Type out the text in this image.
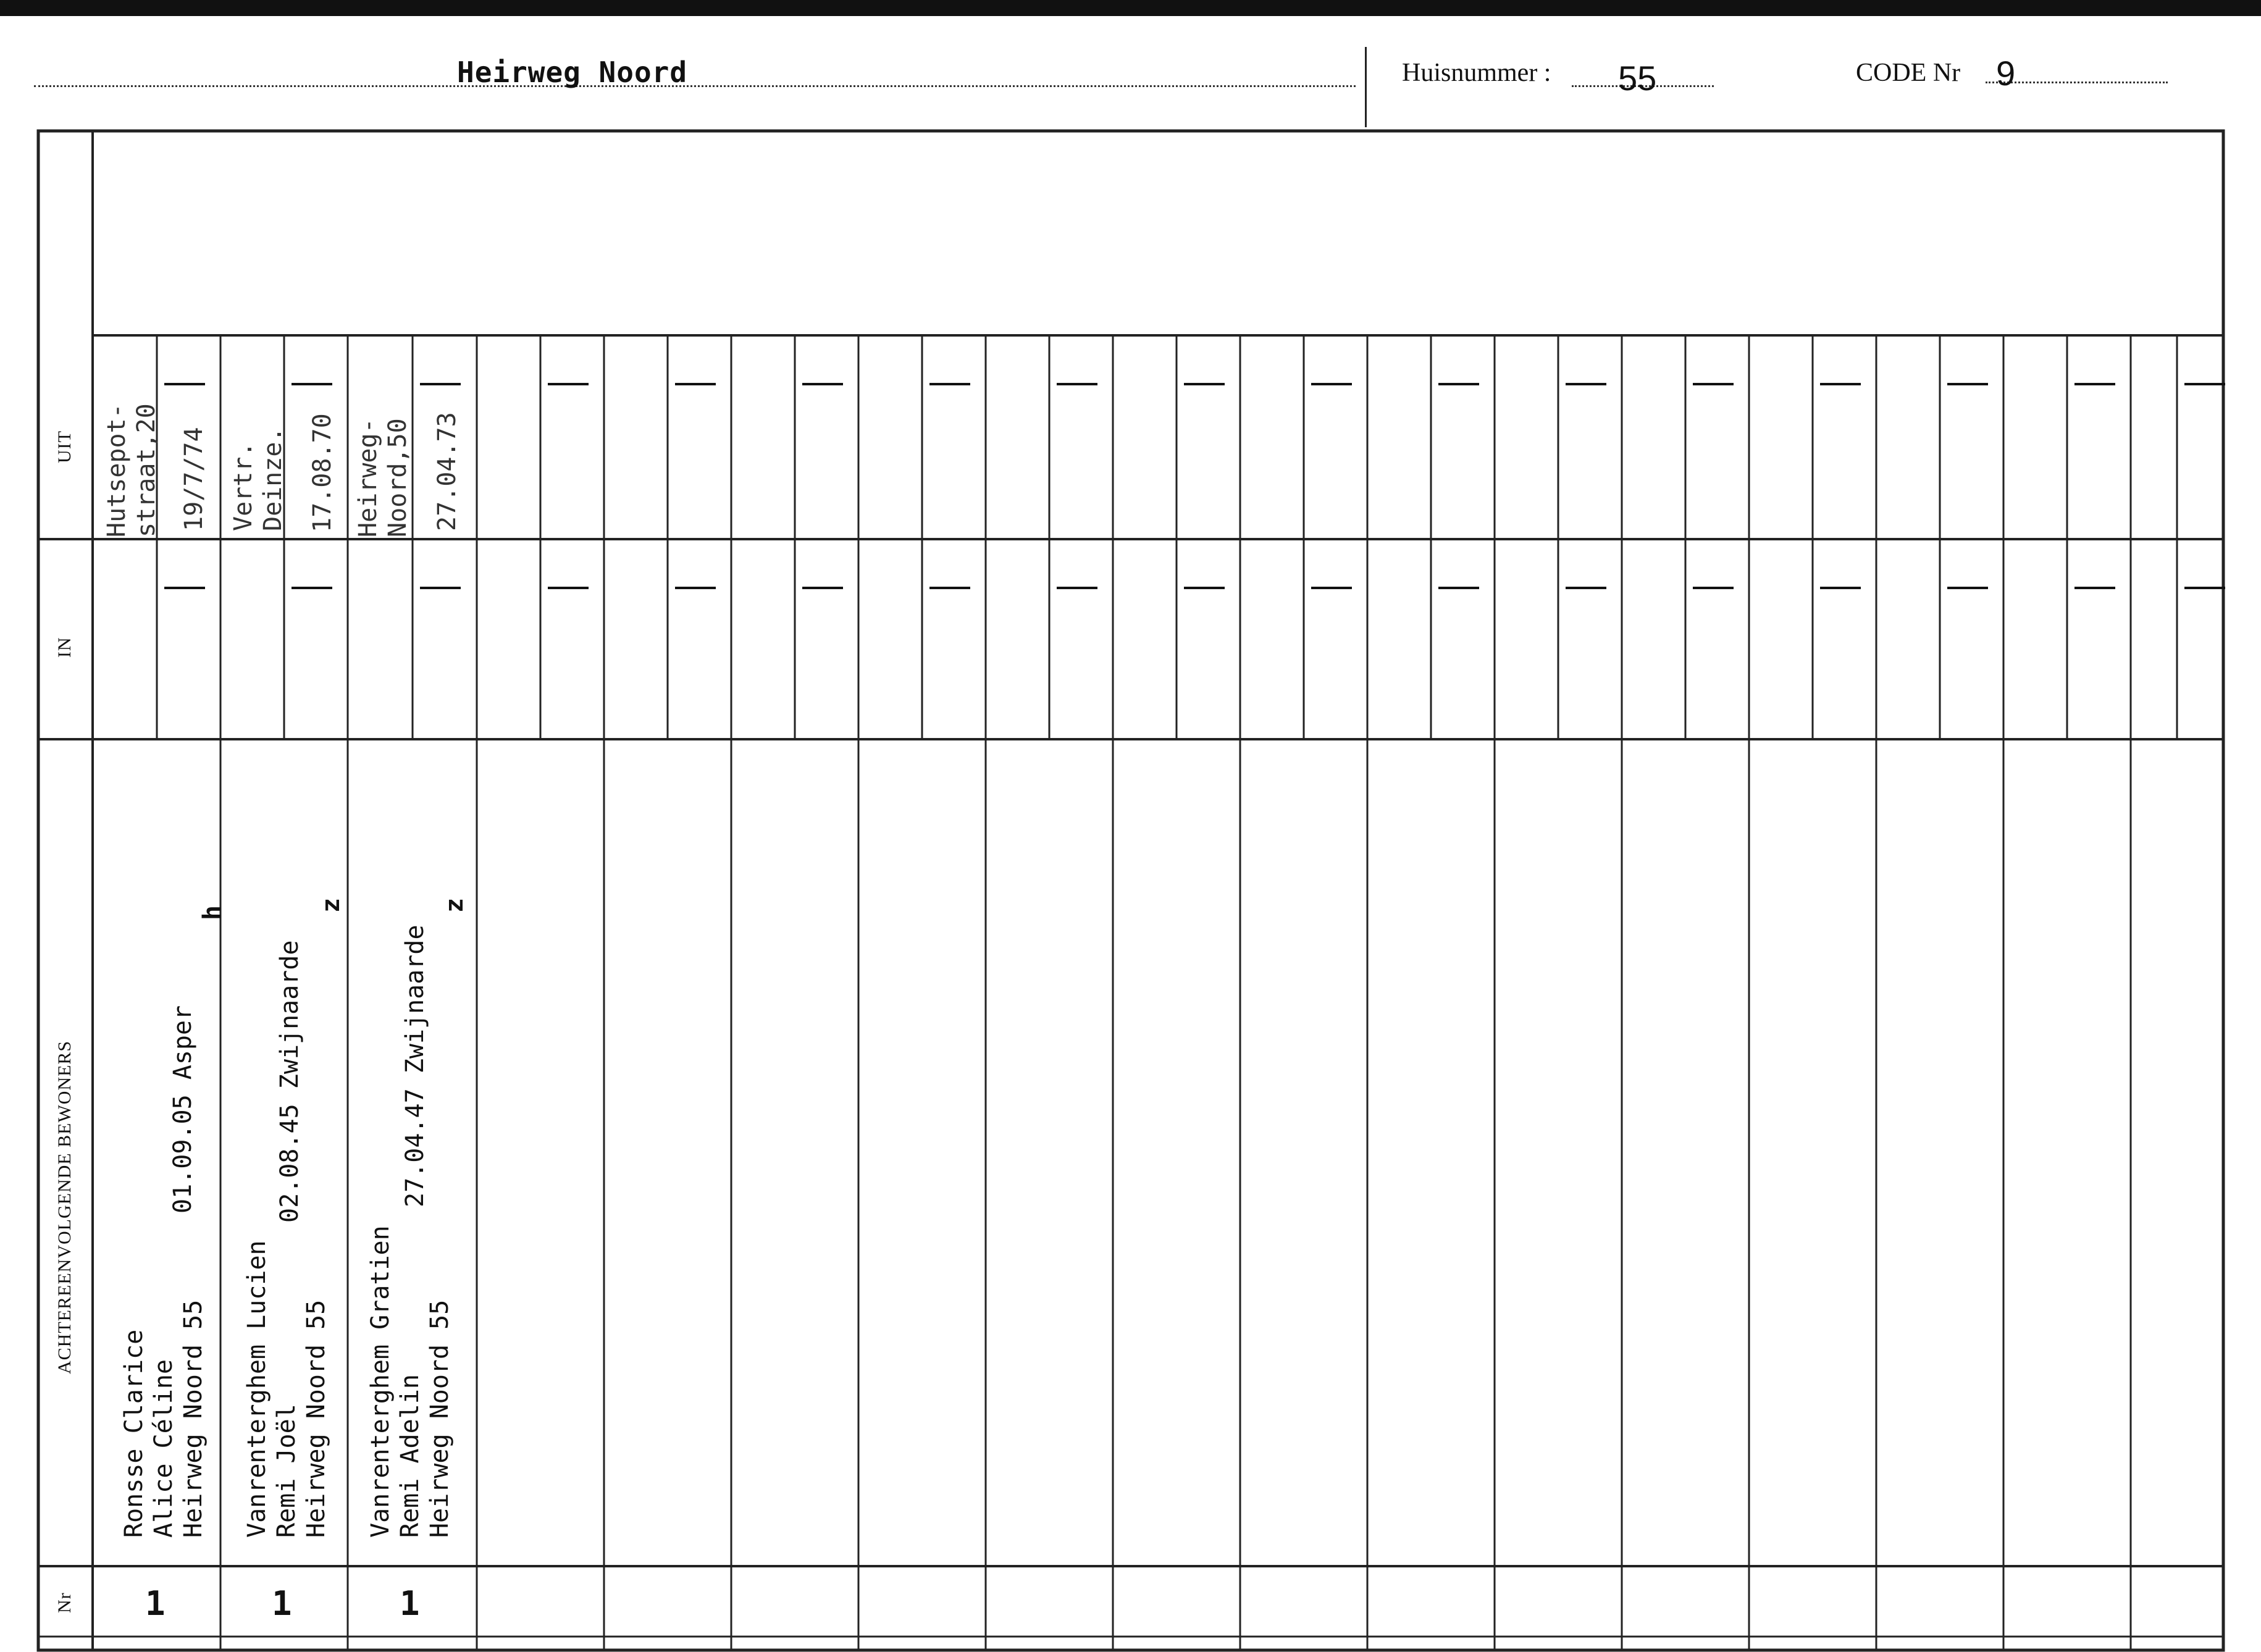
Heirweg Noord	Huisnummer : 55	CODE Nr 9
UIT
IN
ACHTEREENVOLGENDE BEWONERS
Nr
Ronsse Clarice Alice Céline Heirweg Noord 55
01.09.05 Asper
h
Hutsepot- straat,20 19/7/74
1
Vanrenterghem Lucien Remi Joël Heirweg Noord 55
02.08.45 Zwijnaarde
z
Vertr. Deinze. 17.08.70
1
Vanrenterghem Gratien Remi Adelin Heirweg Noord 55
27.04.47 Zwijnaarde
z
Heirweg- Noord,50 27.04.73
1
